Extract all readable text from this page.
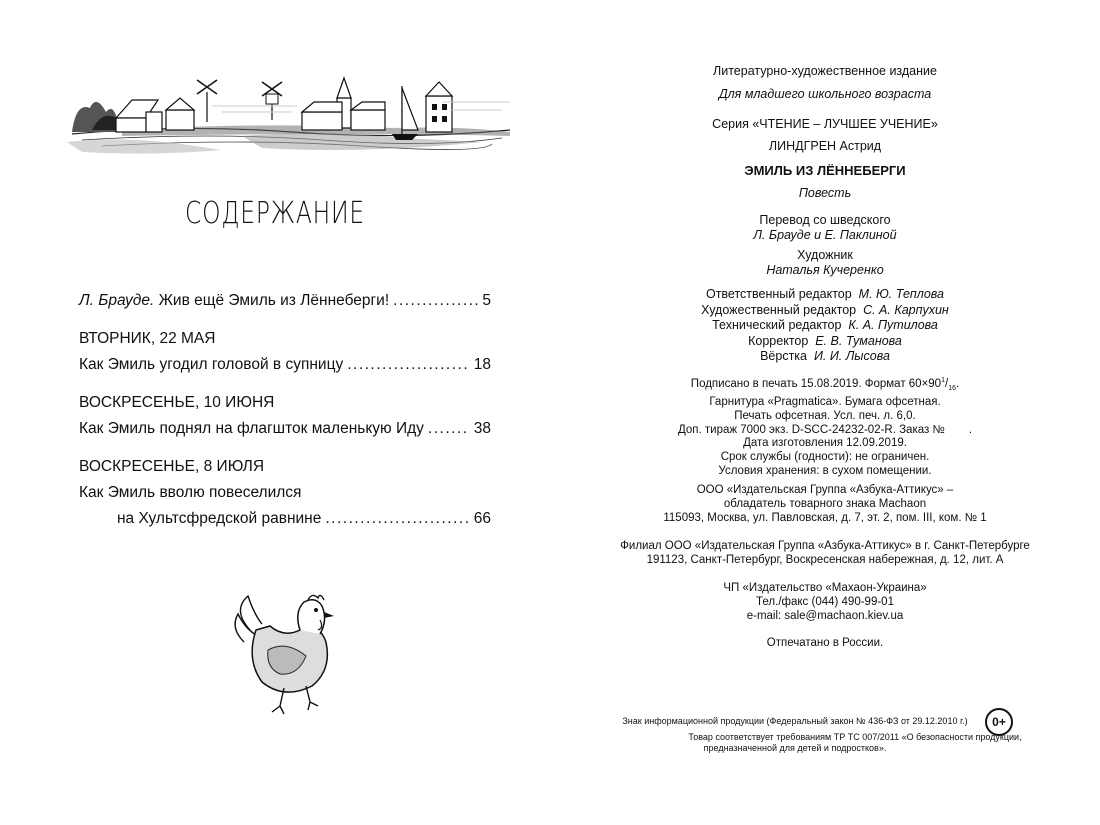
СОДЕРЖАНИЕ
Л. Брауде. Жив ещё Эмиль из Лённеберги! .....	5
ВТОРНИК, 22 МАЯ
Как Эмиль угодил головой в супницу .....	18
ВОСКРЕСЕНЬЕ, 10 ИЮНЯ
Как Эмиль поднял на флагшток маленькую Иду .....	38
ВОСКРЕСЕНЬЕ, 8 ИЮЛЯ
Как Эмиль вволю повеселился
на Хультсфредской равнине .....	66
Литературно-художественное издание
Для младшего школьного возраста
Серия «ЧТЕНИЕ – ЛУЧШЕЕ УЧЕНИЕ»
ЛИНДГРЕН Астрид
ЭМИЛЬ ИЗ ЛЁННЕБЕРГИ
Повесть
Перевод со шведского
Л. Брауде и Е. Паклиной
Художник
Наталья Кучеренко
Ответственный редактор М. Ю. Теплова
Художественный редактор С. А. Карпухин
Технический редактор К. А. Путилова
Корректор Е. В. Туманова
Вёрстка И. И. Лысова
Подписано в печать 15.08.2019. Формат $60\times 90^1/_{16}$.
Гарнитура «Pragmatica». Бумага офсетная.
Печать офсетная. Усл. печ. л. 6,0.
Доп. тираж 7000 экз. D-SCC-24232-02-R. Заказ № .
Дата изготовления 12.09.2019.
Срок службы (годности): не ограничен.
Условия хранения: в сухом помещении.
ООО «Издательская Группа «Азбука-Аттикус» –
обладатель товарного знака Machaon
115093, Москва, ул. Павловская, д. 7, эт. 2, пом. III, ком. № 1
Филиал ООО «Издательская Группа «Азбука-Аттикус» в г. Санкт-Петербурге
191123, Санкт-Петербург, Воскресенская набережная, д. 12, лит. А
ЧП «Издательство «Махаон-Украина»
Тел./факс (044) 490-99-01
e-mail: sale@machaon.kiev.ua
Отпечатано в России.
Знак информационной продукции (Федеральный закон № 436-ФЗ от 29.12.2010 г.)	0+
Товар соответствует требованиям ТР ТС 007/2011 «О безопасности продукции,
предназначенной для детей и подростков».
